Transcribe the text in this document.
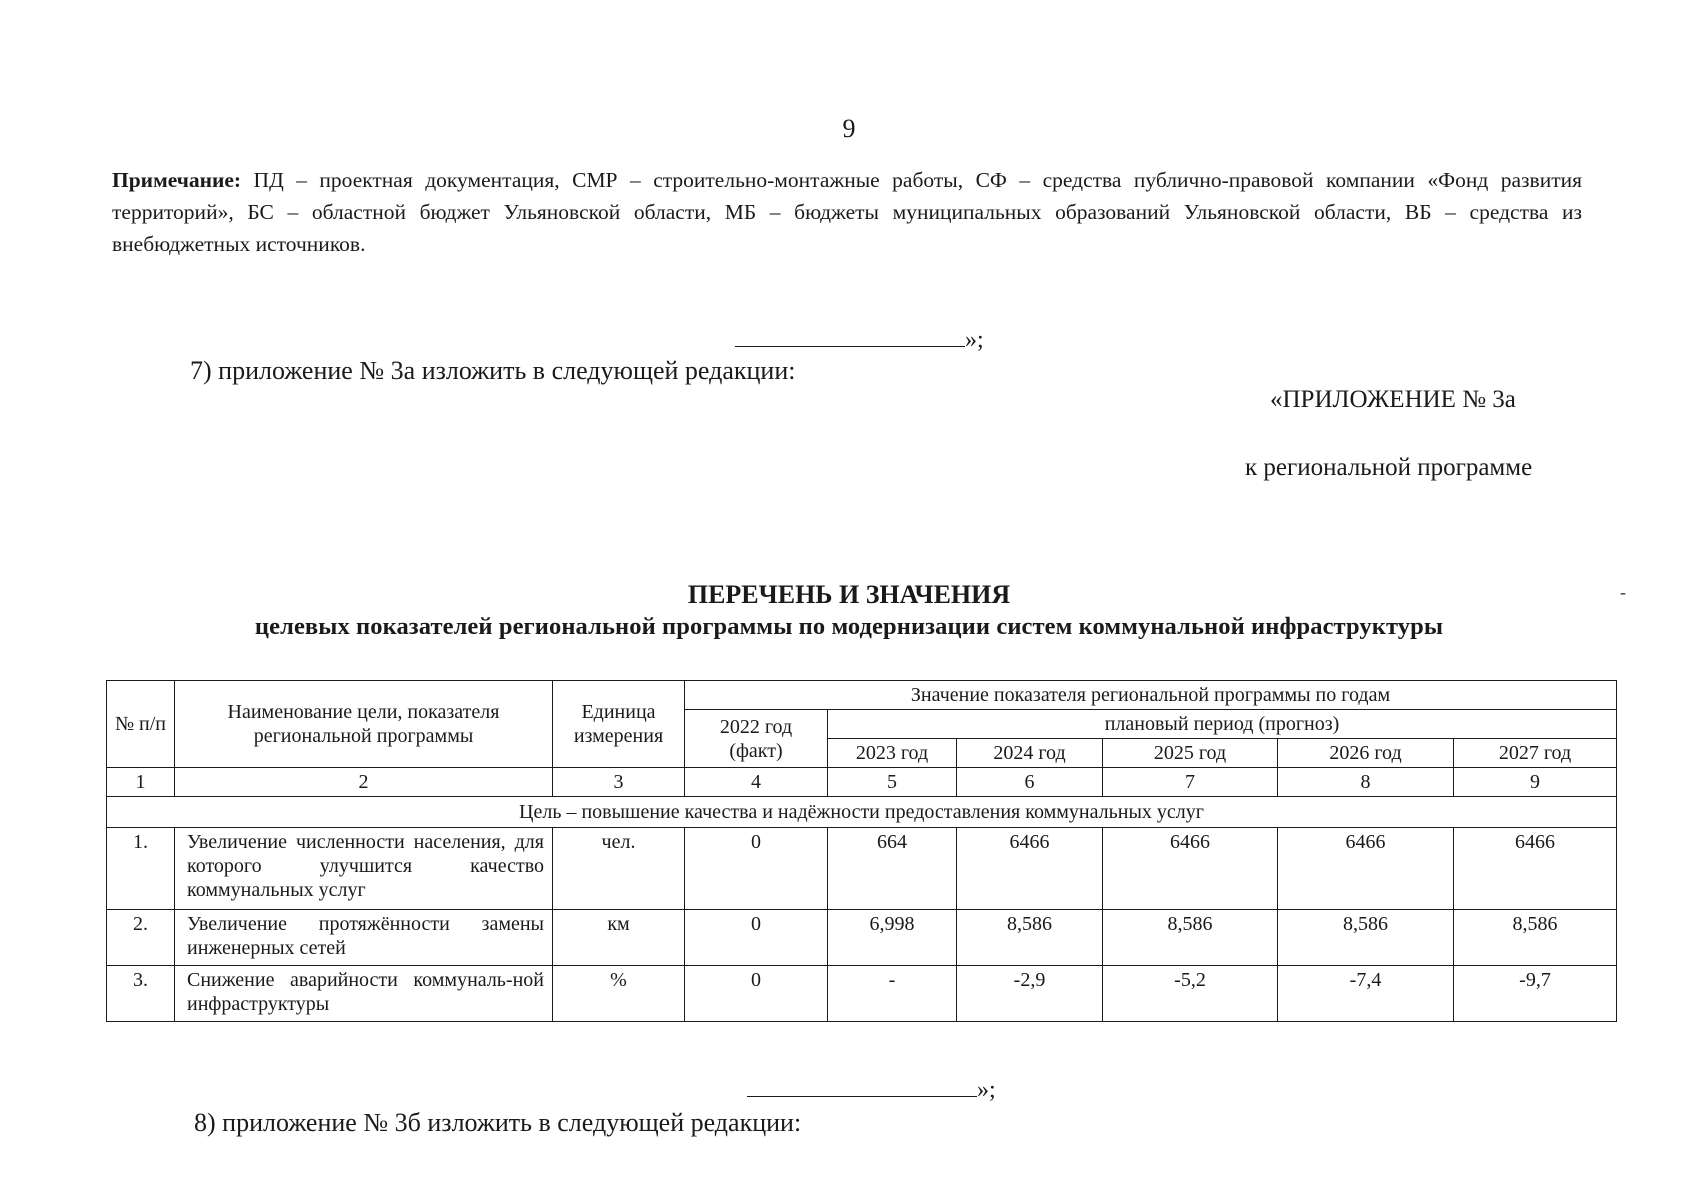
9
Примечание: ПД – проектная документация, СМР – строительно-монтажные работы, СФ – средства публично-правовой компании «Фонд развития территорий», БС – областной бюджет Ульяновской области, МБ – бюджеты муниципальных образований Ульяновской области, ВБ – средства из внебюджетных источников.
»;
7) приложение № 3а изложить в следующей редакции:
«ПРИЛОЖЕНИЕ № 3а
к региональной программе
ПЕРЕЧЕНЬ И ЗНАЧЕНИЯ
целевых показателей региональной программы по модернизации систем коммунальной инфраструктуры
№ п/п	Наименование цели, показателя региональной программы	Единица измерения	Значение показателя региональной программы по годам					
			2022 год (факт)	плановый период (прогноз)				
				2023 год	2024 год	2025 год	2026 год	2027 год
1	2	3	4	5	6	7	8	9
Цель – повышение качества и надёжности предоставления коммунальных услуг								
1.	Увеличение численности населения, для которого улучшится качество коммунальных услуг	чел.	0	664	6466	6466	6466	6466
2.	Увеличение протяжённости замены инженерных сетей	км	0	6,998	8,586	8,586	8,586	8,586
3.	Снижение аварийности коммуналь-ной инфраструктуры	%	0	-	-2,9	-5,2	-7,4	-9,7
»;
8) приложение № 3б изложить в следующей редакции:
-
